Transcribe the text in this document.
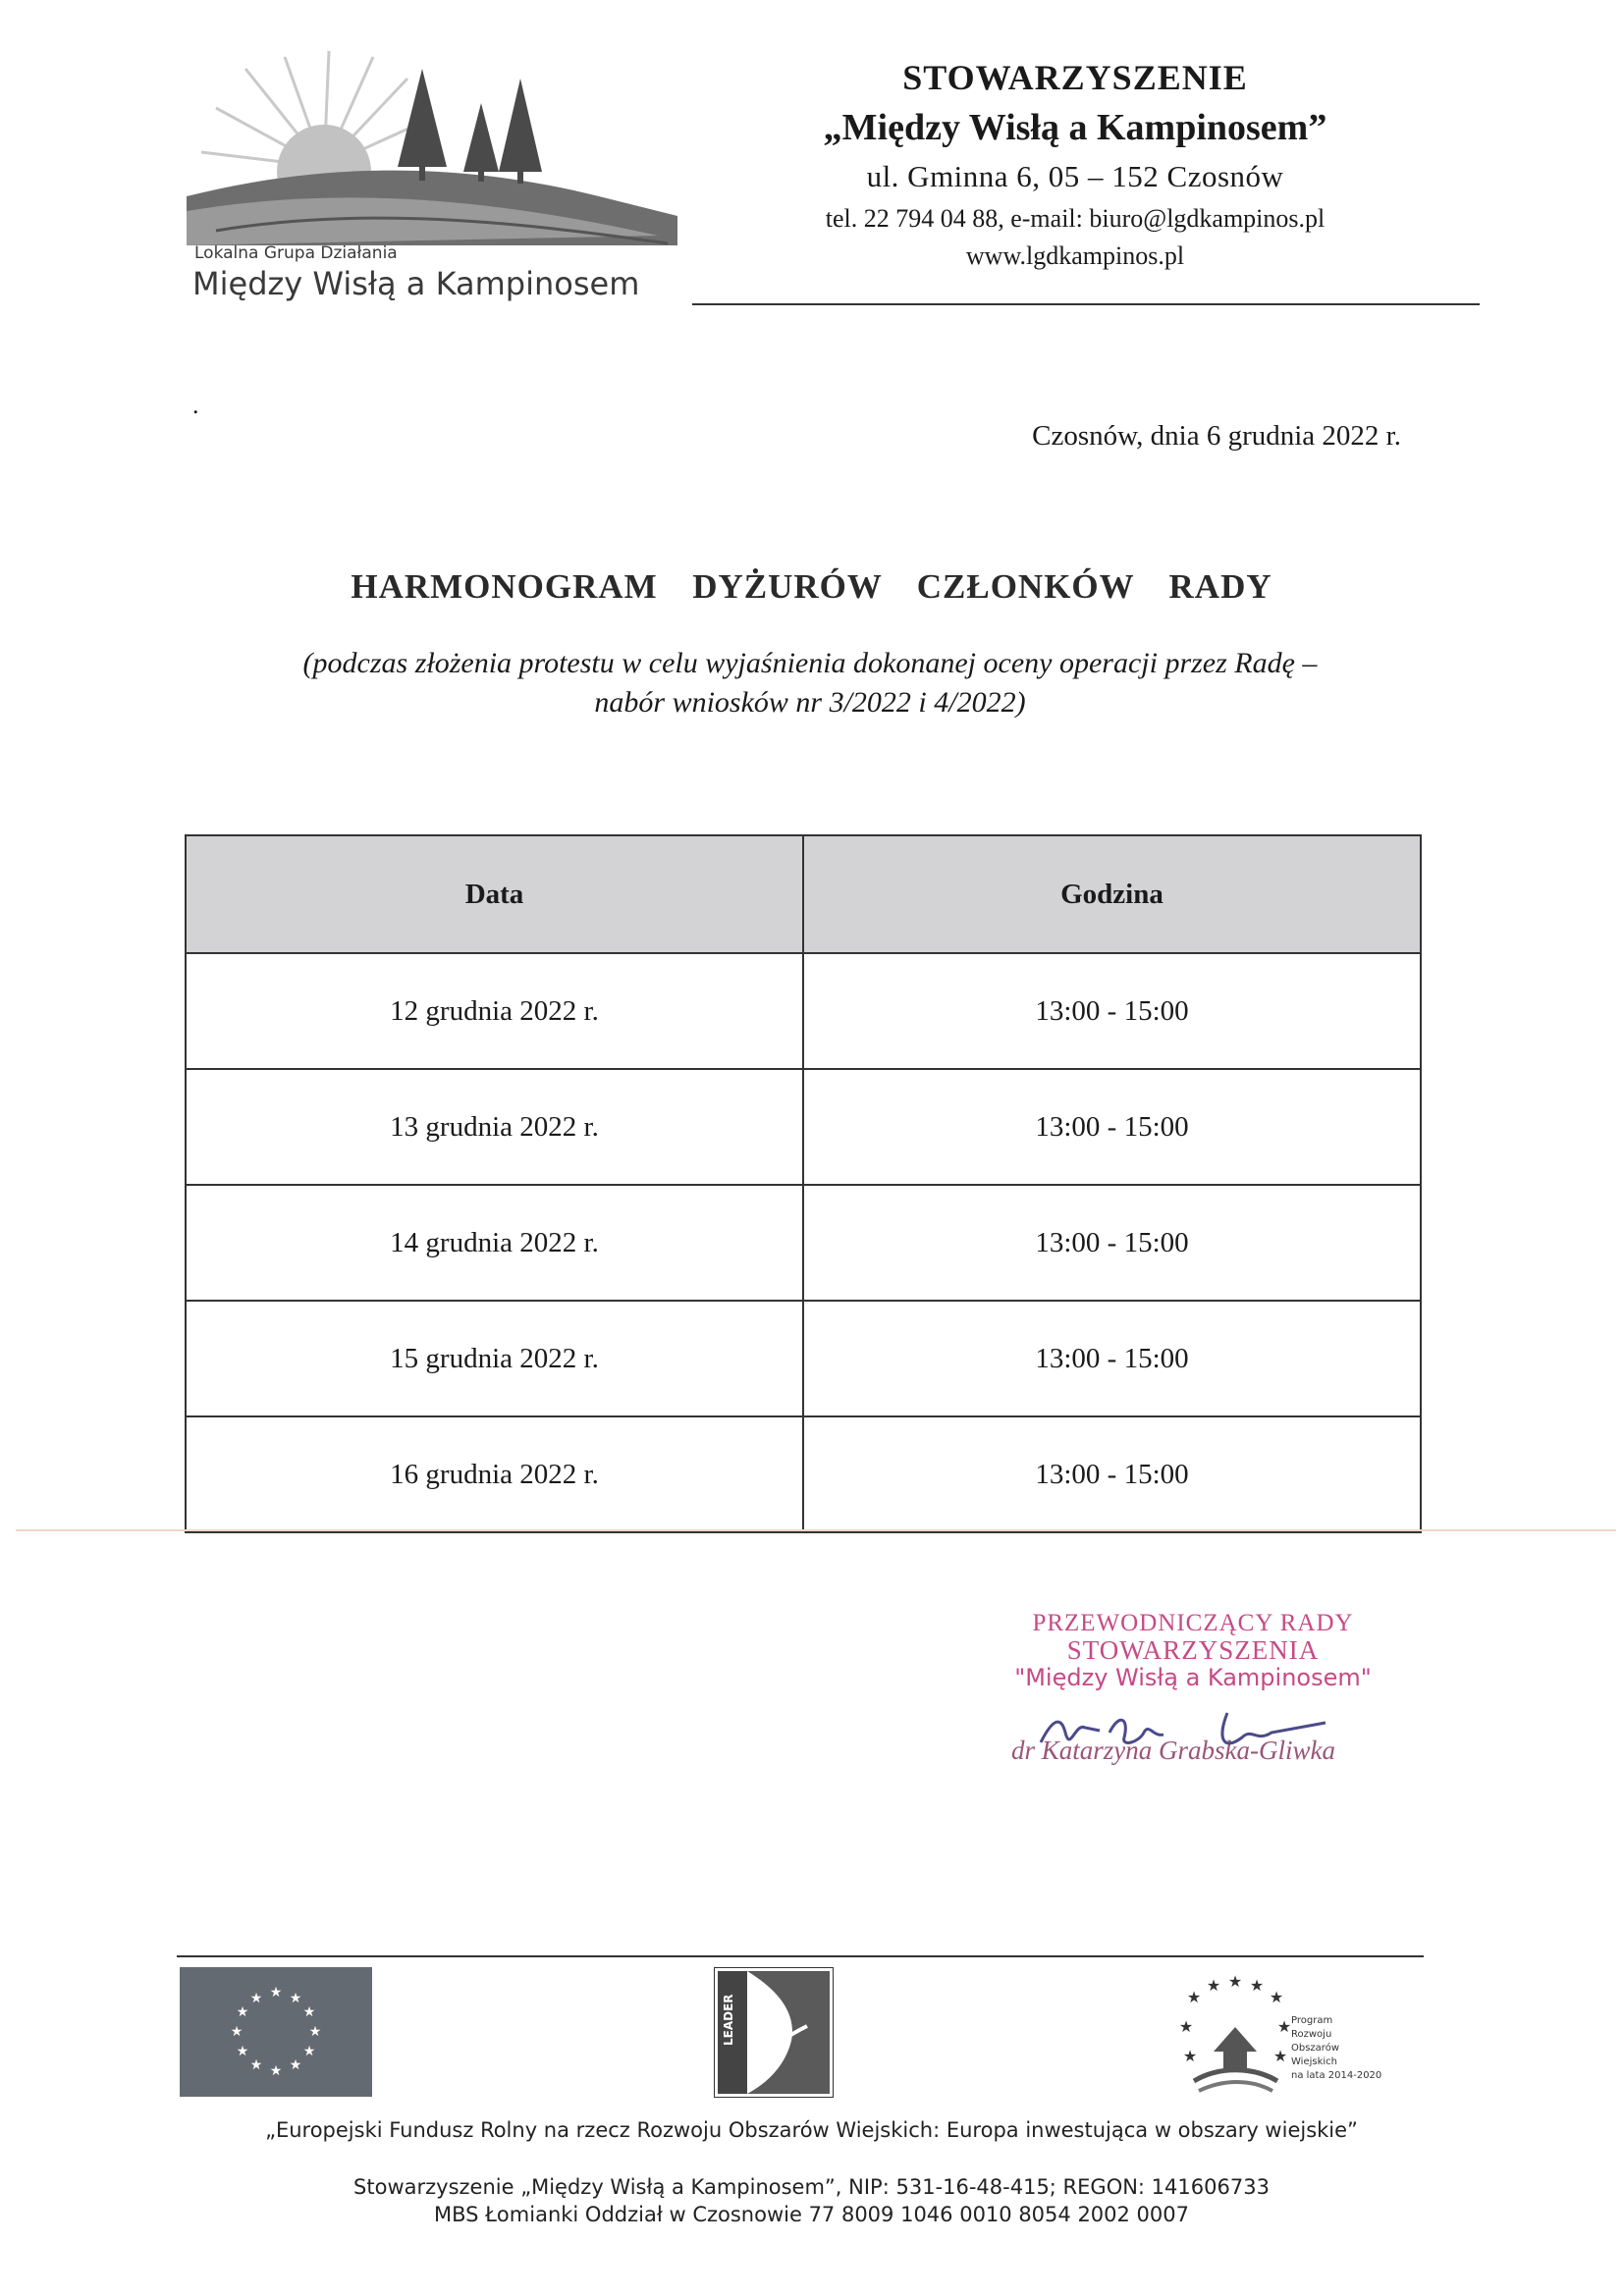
Lokalna Grupa Działania
Między Wisłą a Kampinosem
STOWARZYSZENIE
„Między Wisłą a Kampinosem”
ul. Gminna 6, 05 – 152 Czosnów
tel. 22 794 04 88, e-mail: biuro@lgdkampinos.pl
www.lgdkampinos.pl
.
Czosnów, dnia 6 grudnia 2022 r.
HARMONOGRAM  DYŻURÓW  CZŁONKÓW  RADY
(podczas złożenia protestu w celu wyjaśnienia dokonanej oceny operacji przez Radę –
nabór wniosków nr 3/2022 i 4/2022)
Data	Godzina
12 grudnia 2022 r.	13:00 - 15:00
13 grudnia 2022 r.	13:00 - 15:00
14 grudnia 2022 r.	13:00 - 15:00
15 grudnia 2022 r.	13:00 - 15:00
16 grudnia 2022 r.	13:00 - 15:00
PRZEWODNICZĄCY RADY
STOWARZYSZENIA
"Między Wisłą a Kampinosem"
dr Katarzyna Grabska-Gliwka
★ ★
★
★
★
★
★
★
★
★
★
★	LEADER	★
★ ★ ★
★
★	★
★	★
Program
Rozwoju
Obszarów
Wiejskich
na lata 2014-2020
„Europejski Fundusz Rolny na rzecz Rozwoju Obszarów Wiejskich: Europa inwestująca w obszary wiejskie”
Stowarzyszenie „Między Wisłą a Kampinosem”, NIP: 531-16-48-415; REGON: 141606733
MBS Łomianki Oddział w Czosnowie 77 8009 1046 0010 8054 2002 0007
